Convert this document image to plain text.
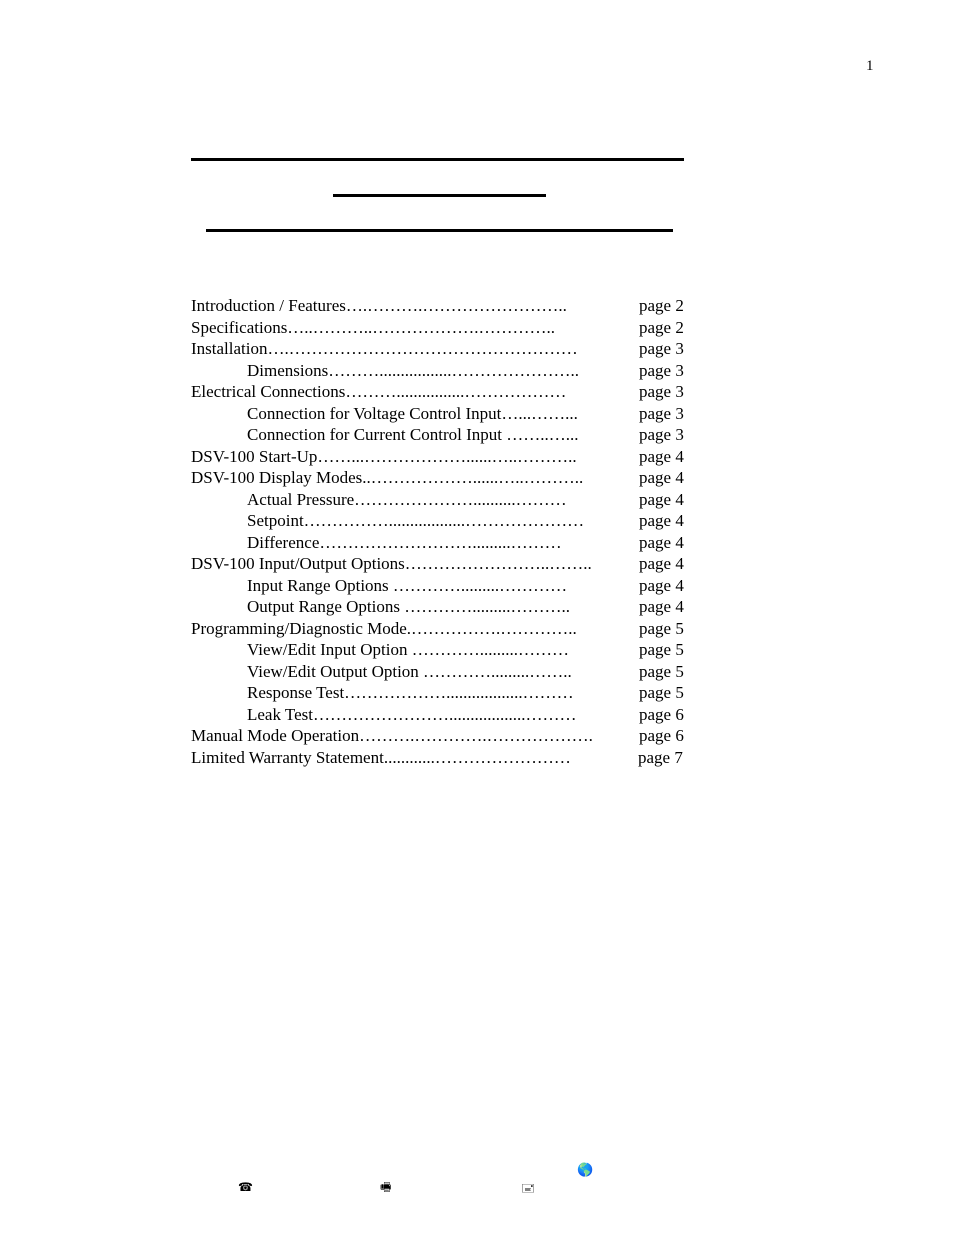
1
Introduction / Features….……….……………………..	page 2
Specifications…..………..……………….…………..	page 2
Installation….……………………………………………	page 3
Dimensions……….................…………………..	page 3
Electrical Connections………................………………	page 3
Connection for Voltage Control Input…...……...	page 3
Connection for Current Control Input ……..…...	page 3
DSV-100 Start-Up……...………………......…..………..	page 4
DSV-100 Display Modes..………………......…..………..	page 4
Actual Pressure…………………..........………	page 4
Setpoint……………..................…………………	page 4
Difference……………………….........………	page 4
DSV-100 Input/Output Options……………………..……..	page 4
Input Range Options ………….........…………	page 4
Output Range Options ………….........………..	page 4
Programming/Diagnostic Mode.…………….…………..	page 5
View/Edit Input Option ………….........………	page 5
View/Edit Output Option ………….........……..	page 5
Response Test………………..................………	page 5
Leak Test……………………..................………	page 6
Manual Mode Operation……….………….……………….	page 6
Limited Warranty Statement............……………………	page 7
🌎
☎	🖷	🖃
